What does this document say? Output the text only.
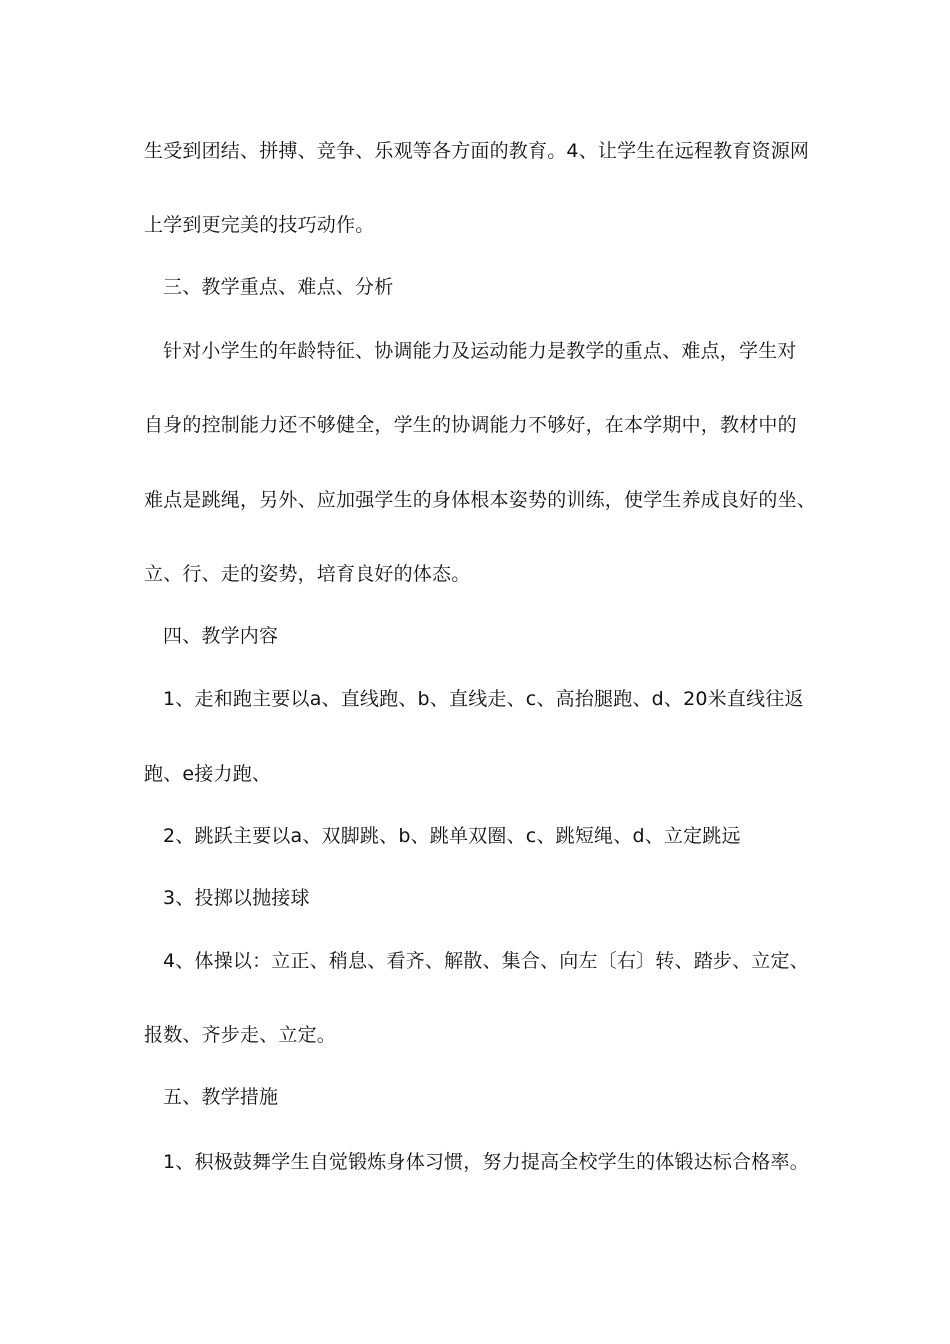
生受到团结、拼搏、竞争、乐观等各方面的教育。4、让学生在远程教育资源网
上学到更完美的技巧动作。
三、教学重点、难点、分析
针对小学生的年龄特征、协调能力及运动能力是教学的重点、难点，学生对
自身的控制能力还不够健全，学生的协调能力不够好，在本学期中，教材中的
难点是跳绳，另外、应加强学生的身体根本姿势的训练，使学生养成良好的坐、
立、行、走的姿势，培育良好的体态。
四、教学内容
1、走和跑主要以a、直线跑、b、直线走、c、高抬腿跑、d、20米直线往返
跑、e接力跑、
2、跳跃主要以a、双脚跳、b、跳单双圈、c、跳短绳、d、立定跳远
3、投掷以抛接球
4、体操以：立正、稍息、看齐、解散、集合、向左〔右〕转、踏步、立定、
报数、齐步走、立定。
五、教学措施
1、积极鼓舞学生自觉锻炼身体习惯，努力提高全校学生的体锻达标合格率。
